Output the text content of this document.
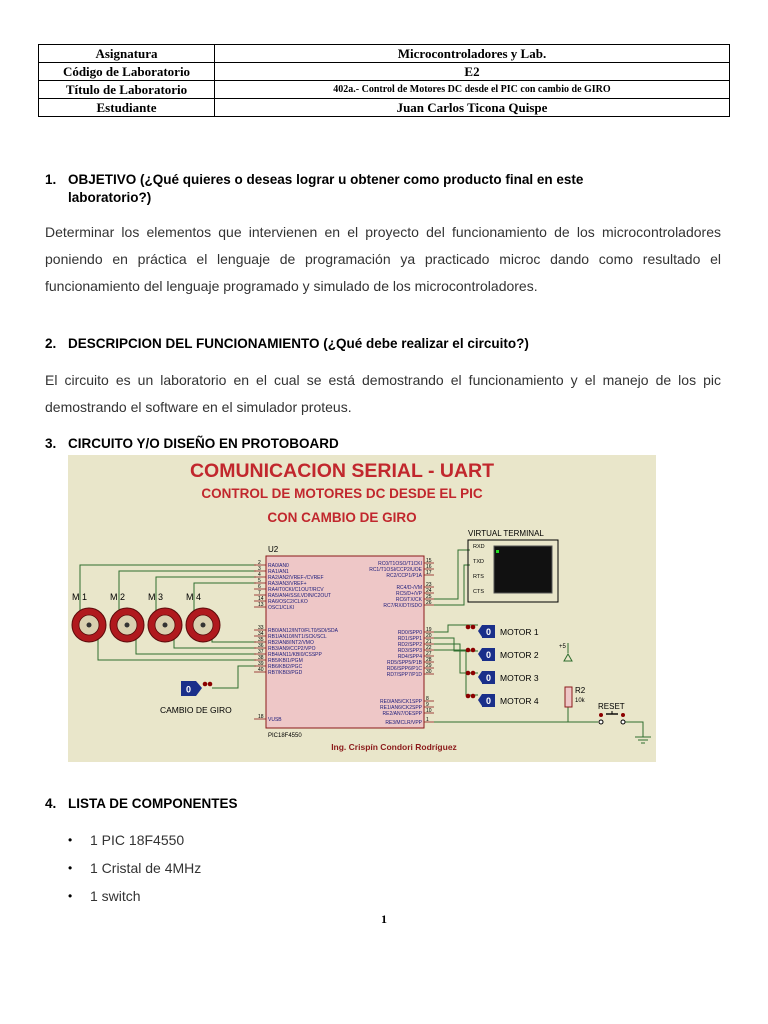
Asignatura	Microcontroladores y Lab.
Código de Laboratorio	E2
Título de Laboratorio	402a.- Control de Motores DC desde el PIC con cambio de GIRO
Estudiante	Juan Carlos Ticona Quispe
1. OBJETIVO (¿Qué quieres o deseas lograr u obtener como producto final en este
laboratorio?)

Determinar los elementos que intervienen en el proyecto del funcionamiento de los microcontroladores poniendo en práctica el lenguaje de programación ya practicado microc dando como resultado el funcionamiento del lenguaje programado y simulado de los microcontroladores.

2. DESCRIPCION DEL FUNCIONAMIENTO (¿Qué debe realizar el circuito?)

El circuito es un laboratorio en el cual se está demostrando el funcionamiento y el manejo de los pic demostrando el software en el simulador proteus.

3. CIRCUITO Y/O DISEÑO EN PROTOBOARD
COMUNICACION SERIAL - UART
CONTROL DE MOTORES DC DESDE EL PIC
CON CAMBIO DE GIRO
U2
PIC18F4550
2 RA0/AN0
3 RA1/AN1
4 RA2/AN2/VREF-/CVREF
5 RA3/AN3/VREF+
6 RA4/T0CKI/C1OUT/RCV
7 RA5/AN4/SS/LVDIN/C2OUT
14 RA6/OSC2/CLKO
13 OSC1/CLKI
33 RB0/AN12/INT0/FLT0/SDI/SDA
34 RB1/AN10/INT1/SCK/SCL
35 RB2/AN8/INT2/VMO
36 RB3/AN9/CCP2/VPO
37 RB4/AN11/KBI0/CSSPP
38 RB5/KBI1/PGM
39 RB6/KBI2/PGC
40 RB7/KBI3/PGD
18 VUSB
15
RC0/T1OSO/T1CKI 16
RC1/T1OSI/CCP2/UOE 17
RC2/CCP1/P1A
23
RC4/D-/VM 24
RC5/D+/VP 25
RC6/TX/CK 26
RC7/RX/DT/SDO
19
RD0/SPP0 20
RD1/SPP1 21
RD2/SPP2 22
RD3/SPP3 27
RD4/SPP4 28
RD5/SPP5/P1B 29
RD6/SPP6/P1C 30
RD7/SPP7/P1D
8
RE0/AN5/CK1SPP 9
RE1/AN6/CK2SPP 10
RE2/AN7/OESPP
1
RE3/MCLR/VPP
M 1	M 2	M 3	M 4
0
CAMBIO DE GIRO
0 MOTOR 1
0 MOTOR 2
0 MOTOR 3
0 MOTOR 4
VIRTUAL TERMINAL
RXD
TXD
RTS
CTS
+5
R2
10k
RESET
Ing. Crispín Condori Rodríguez
4. LISTA DE COMPONENTES
• 1 PIC 18F4550
• 1 Cristal de 4MHz
• 1 switch
1
